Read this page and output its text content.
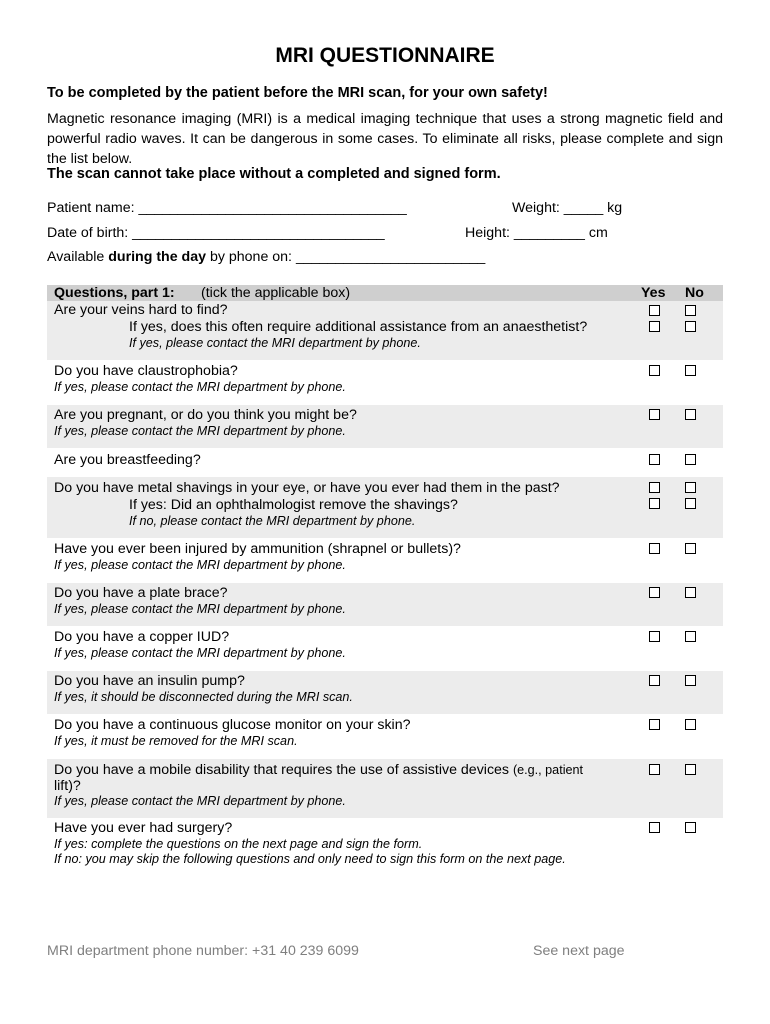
MRI QUESTIONNAIRE
To be completed by the patient before the MRI scan, for your own safety!
Magnetic resonance imaging (MRI) is a medical imaging technique that uses a strong magnetic field and powerful radio waves. It can be dangerous in some cases. To eliminate all risks, please complete and sign the list below.
The scan cannot take place without a completed and signed form.
Patient name: __________________________________	Weight: _____ kg
Date of birth: ________________________________	Height: _________ cm
Available during the day by phone on: ________________________
Questions, part 1: (tick the applicable box)	Yes No
Are your veins hard to find?
If yes, does this often require additional assistance from an anaesthetist?
If yes, please contact the MRI department by phone.
Do you have claustrophobia?
If yes, please contact the MRI department by phone.
Are you pregnant, or do you think you might be?
If yes, please contact the MRI department by phone.
Are you breastfeeding?
Do you have metal shavings in your eye, or have you ever had them in the past?
If yes: Did an ophthalmologist remove the shavings?
If no, please contact the MRI department by phone.
Have you ever been injured by ammunition (shrapnel or bullets)?
If yes, please contact the MRI department by phone.
Do you have a plate brace?
If yes, please contact the MRI department by phone.
Do you have a copper IUD?
If yes, please contact the MRI department by phone.
Do you have an insulin pump?
If yes, it should be disconnected during the MRI scan.
Do you have a continuous glucose monitor on your skin?
If yes, it must be removed for the MRI scan.
Do you have a mobile disability that requires the use of assistive devices (e.g., patient
lift)?
If yes, please contact the MRI department by phone.
Have you ever had surgery?
If yes: complete the questions on the next page and sign the form.
If no: you may skip the following questions and only need to sign this form on the next page.
MRI department phone number: +31 40 239 6099	See next page
